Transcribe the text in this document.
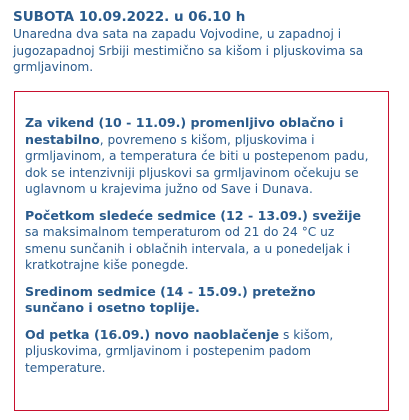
SUBOTA 10.09.2022. u 06.10 h

Unaredna dva sata na zapadu Vojvodine, u zapadnoj i jugozapadnoj Srbiji mestimično sa kišom i pljuskovima sa grmljavinom.

Za vikend (10 - 11.09.) promenljivo oblačno i nestabilno, povremeno s kišom, pljuskovima i grmljavinom, a temperatura će biti u postepenom padu, dok se intenzivniji pljuskovi sa grmljavinom očekuju se uglavnom u krajevima južno od Save i Dunava.

Početkom sledeće sedmice (12 - 13.09.) svežije sa maksimalnom temperaturom od 21 do 24 °C uz smenu sunčanih i oblačnih intervala, a u ponedeljak i kratkotrajne kiše ponegde.

Sredinom sedmice (14 - 15.09.) pretežno sunčano i osetno toplije.

Od petka (16.09.) novo naoblačenje s kišom, pljuskovima, grmljavinom i postepenim padom temperature.
